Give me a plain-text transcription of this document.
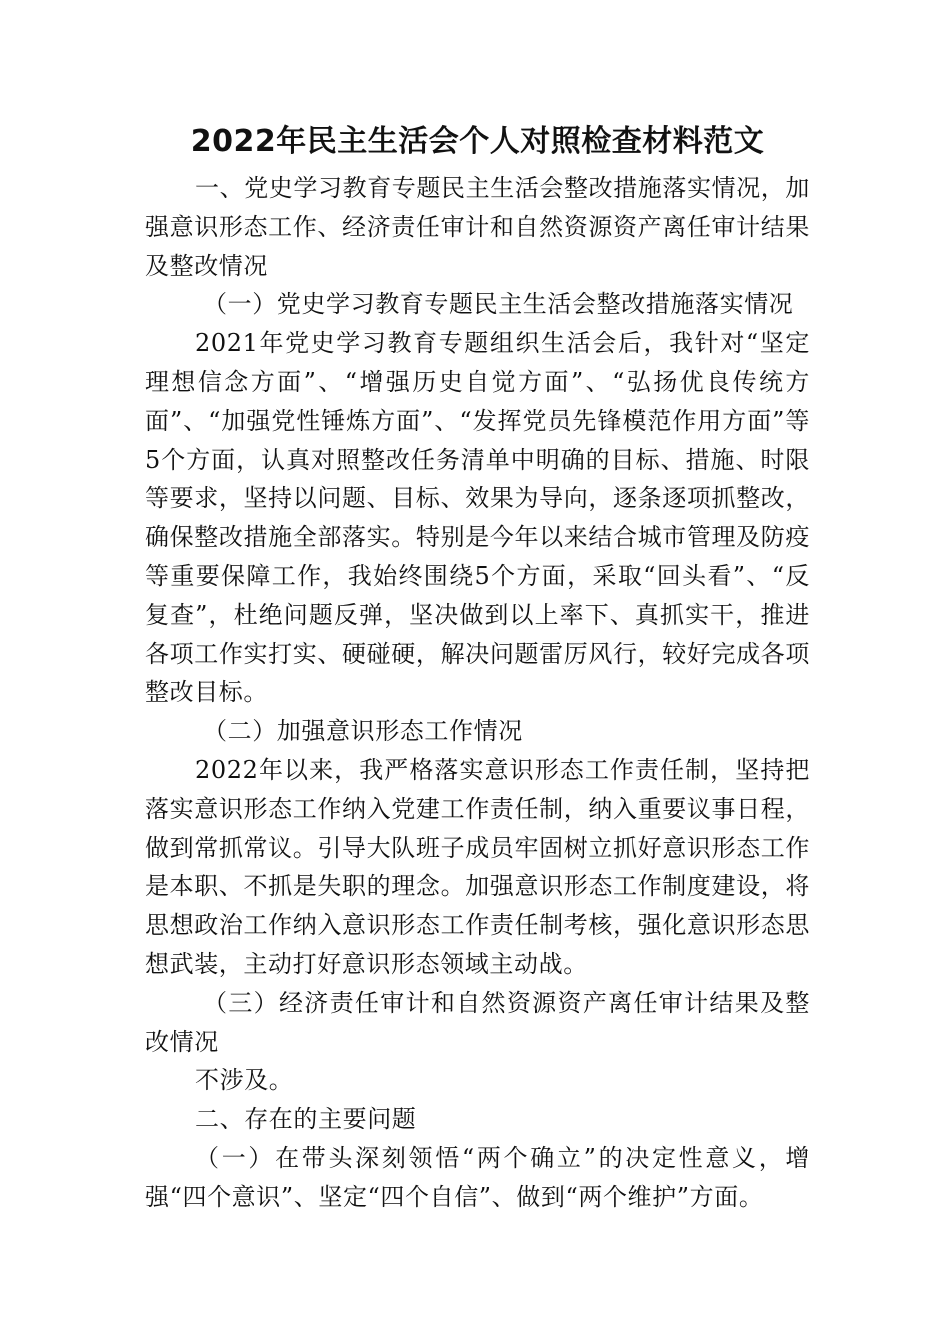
2022年民主生活会个人对照检查材料范文

一、党史学习教育专题民主生活会整改措施落实情况，加强意识形态工作、经济责任审计和自然资源资产离任审计结果及整改情况

（一）党史学习教育专题民主生活会整改措施落实情况

2021年党史学习教育专题组织生活会后，我针对“坚定理想信念方面”、“增强历史自觉方面”、“弘扬优良传统方面”、“加强党性锤炼方面”、“发挥党员先锋模范作用方面”等5个方面，认真对照整改任务清单中明确的目标、措施、时限等要求，坚持以问题、目标、效果为导向，逐条逐项抓整改，确保整改措施全部落实。特别是今年以来结合城市管理及防疫等重要保障工作，我始终围绕5个方面，采取“回头看”、“反复查”，杜绝问题反弹，坚决做到以上率下、真抓实干，推进各项工作实打实、硬碰硬，解决问题雷厉风行，较好完成各项整改目标。

（二）加强意识形态工作情况

2022年以来，我严格落实意识形态工作责任制，坚持把落实意识形态工作纳入党建工作责任制，纳入重要议事日程，做到常抓常议。引导大队班子成员牢固树立抓好意识形态工作是本职、不抓是失职的理念。加强意识形态工作制度建设，将思想政治工作纳入意识形态工作责任制考核，强化意识形态思想武装，主动打好意识形态领域主动战。

（三）经济责任审计和自然资源资产离任审计结果及整改情况

不涉及。

二、存在的主要问题

（一）在带头深刻领悟“两个确立”的决定性意义，增强“四个意识”、坚定“四个自信”、做到“两个维护”方面。
